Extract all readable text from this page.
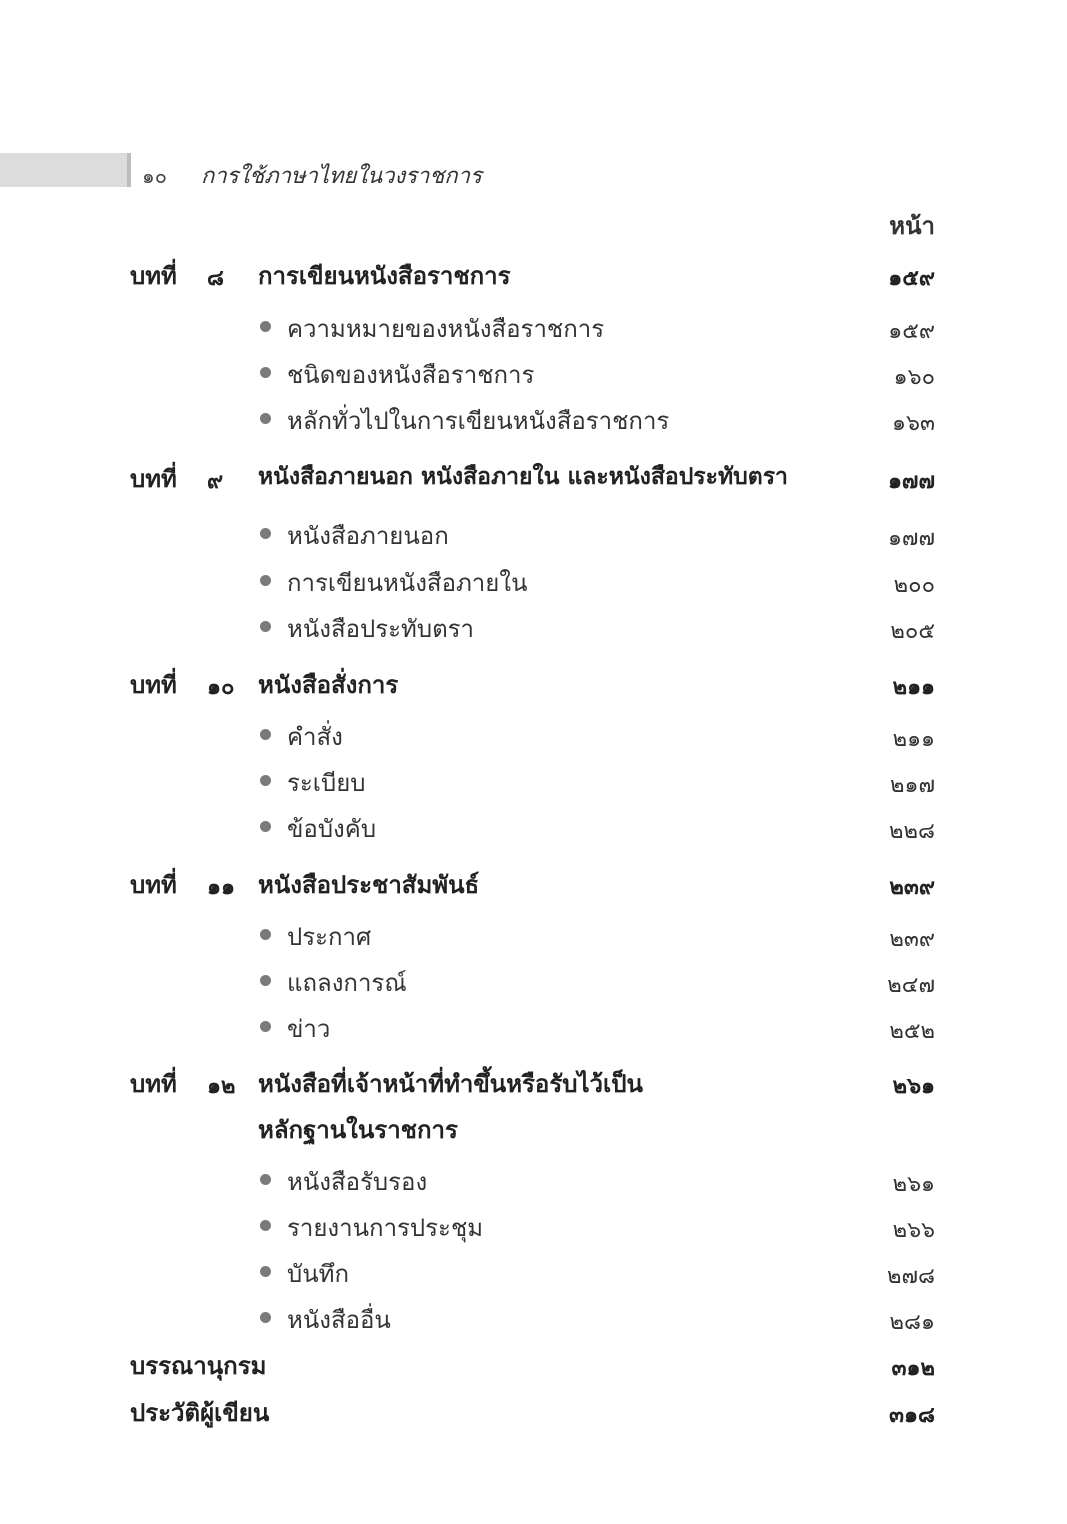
๑๐ การใช้ภาษาไทยในวงราชการ
หน้า
บทที่ ๘ การเขียนหนังสือราชการ	๑๕๙
ความหมายของหนังสือราชการ	๑๕๙
ชนิดของหนังสือราชการ	๑๖๐
หลักทั่วไปในการเขียนหนังสือราชการ	๑๖๓
บทที่ ๙ หนังสือภายนอก หนังสือภายใน และหนังสือประทับตรา	๑๗๗
หนังสือภายนอก	๑๗๗
การเขียนหนังสือภายใน	๒๐๐
หนังสือประทับตรา	๒๐๕
บทที่ ๑๐ หนังสือสั่งการ	๒๑๑
คำสั่ง	๒๑๑
ระเบียบ	๒๑๗
ข้อบังคับ	๒๒๘
บทที่ ๑๑ หนังสือประชาสัมพันธ์	๒๓๙
ประกาศ	๒๓๙
แถลงการณ์	๒๔๗
ข่าว	๒๕๒
บทที่ ๑๒ หนังสือที่เจ้าหน้าที่ทำขึ้นหรือรับไว้เป็น	๒๖๑
หลักฐานในราชการ
หนังสือรับรอง	๒๖๑
รายงานการประชุม	๒๖๖
บันทึก	๒๗๘
หนังสืออื่น	๒๘๑
บรรณานุกรม	๓๑๒
ประวัติผู้เขียน	๓๑๘
